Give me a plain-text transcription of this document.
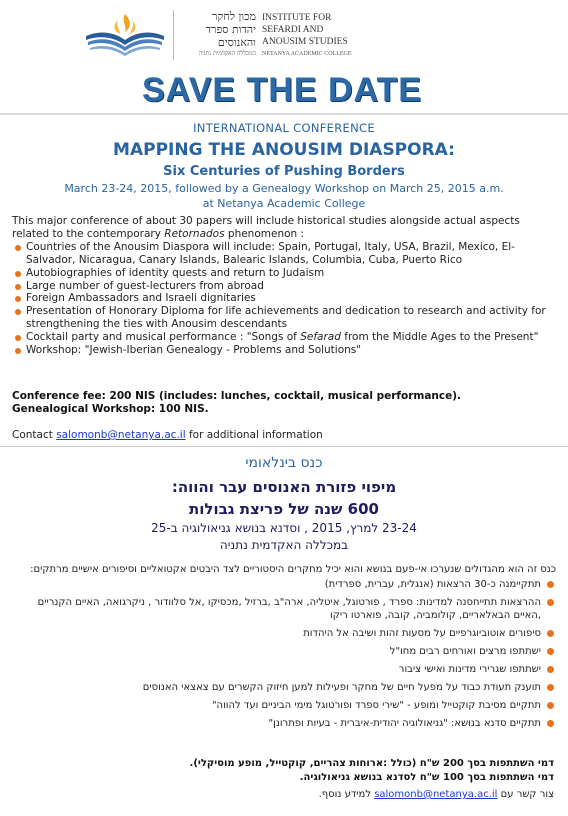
מכון לחקר
יהדות ספרד
והאנוסים
המכללה האקדמית נתניה
INSTITUTE FOR
SEFARDI AND
ANOUSIM STUDIES
NETANYA ACADEMIC COLLEGE
SAVE THE DATE
INTERNATIONAL CONFERENCE
MAPPING THE ANOUSIM DIASPORA:
Six Centuries of Pushing Borders
March 23-24, 2015, followed by a Genealogy Workshop on March 25, 2015 a.m.
at Netanya Academic College
This major conference of about 30 papers will include historical studies alongside actual aspects related to the contemporary Retornados phenomenon :
Countries of the Anousim Diaspora will include: Spain, Portugal, Italy, USA, Brazil, Mexico, El-Salvador, Nicaragua, Canary Islands, Balearic Islands, Columbia, Cuba, Puerto Rico
Autobiographies of identity quests and return to Judaism
Large number of guest-lecturers from abroad
Foreign Ambassadors and Israeli dignitaries
Presentation of Honorary Diploma for life achievements and dedication to research and activity for strengthening the ties with Anousim descendants
Cocktail party and musical performance : "Songs of Sefarad from the Middle Ages to the Present"
Workshop: "Jewish-Iberian Genealogy - Problems and Solutions"
Conference fee: 200 NIS (includes: lunches, cocktail, musical performance).
Genealogical Workshop: 100 NIS.
Contact salomonb@netanya.ac.il for additional information
כנס בינלאומי
מיפוי פזורת האנוסים עבר והווה:
600 שנה של פריצת גבולות
23-24 למרץ, 2015 , וסדנא בנושא גניאולוגיה ב-25
במכללה האקדמית נתניה
כנס זה הוא מהגדולים שנערכו אי-פעם בנושא והוא יכיל מחקרים היסטוריים לצד היבטים אקטואליים וסיפורים אישיים מרתקים:
תתקיימנה כ-30 הרצאות (אנגלית, עברית, ספרדית)
ההרצאות תתייחסנה למדינות: ספרד , פורטוגל, איטליה, ארה"ב ,ברזיל ,מכסיקו ,אל סלוודור , ניקרגואה, האיים הקנריים ,האיים הבאלאריים, קולומביה, קובה, פוארטו ריקו
סיפורים אוטוביוגרפיים על מסעות זהות ושיבה אל היהדות
ישתתפו מרצים ואורחים רבים מחו"ל
ישתתפו שגרירי מדינות ואישי ציבור
תוענק תעודת כבוד על מפעל חיים של מחקר ופעילות למען חיזוק הקשרים עם צאצאי האנוסים
תתקיים מסיבת קוקטייל ומופע - "שירי ספרד ופורטוגל מימי הביניים ועד להווה"
תתקיים סדנא בנושא: "גניאולוגיה יהודית-איברית - בעיות ופתרונן"
דמי השתתפות בסך 200 ש"ח (כולל :ארוחות צהריים, קוקטייל, מופע מוסיקלי).
דמי השתתפות בסך 100 ש"ח לסדנא בנושא גניאולוגיה.
צור קשר עם salomonb@netanya.ac.il למידע נוסף.
